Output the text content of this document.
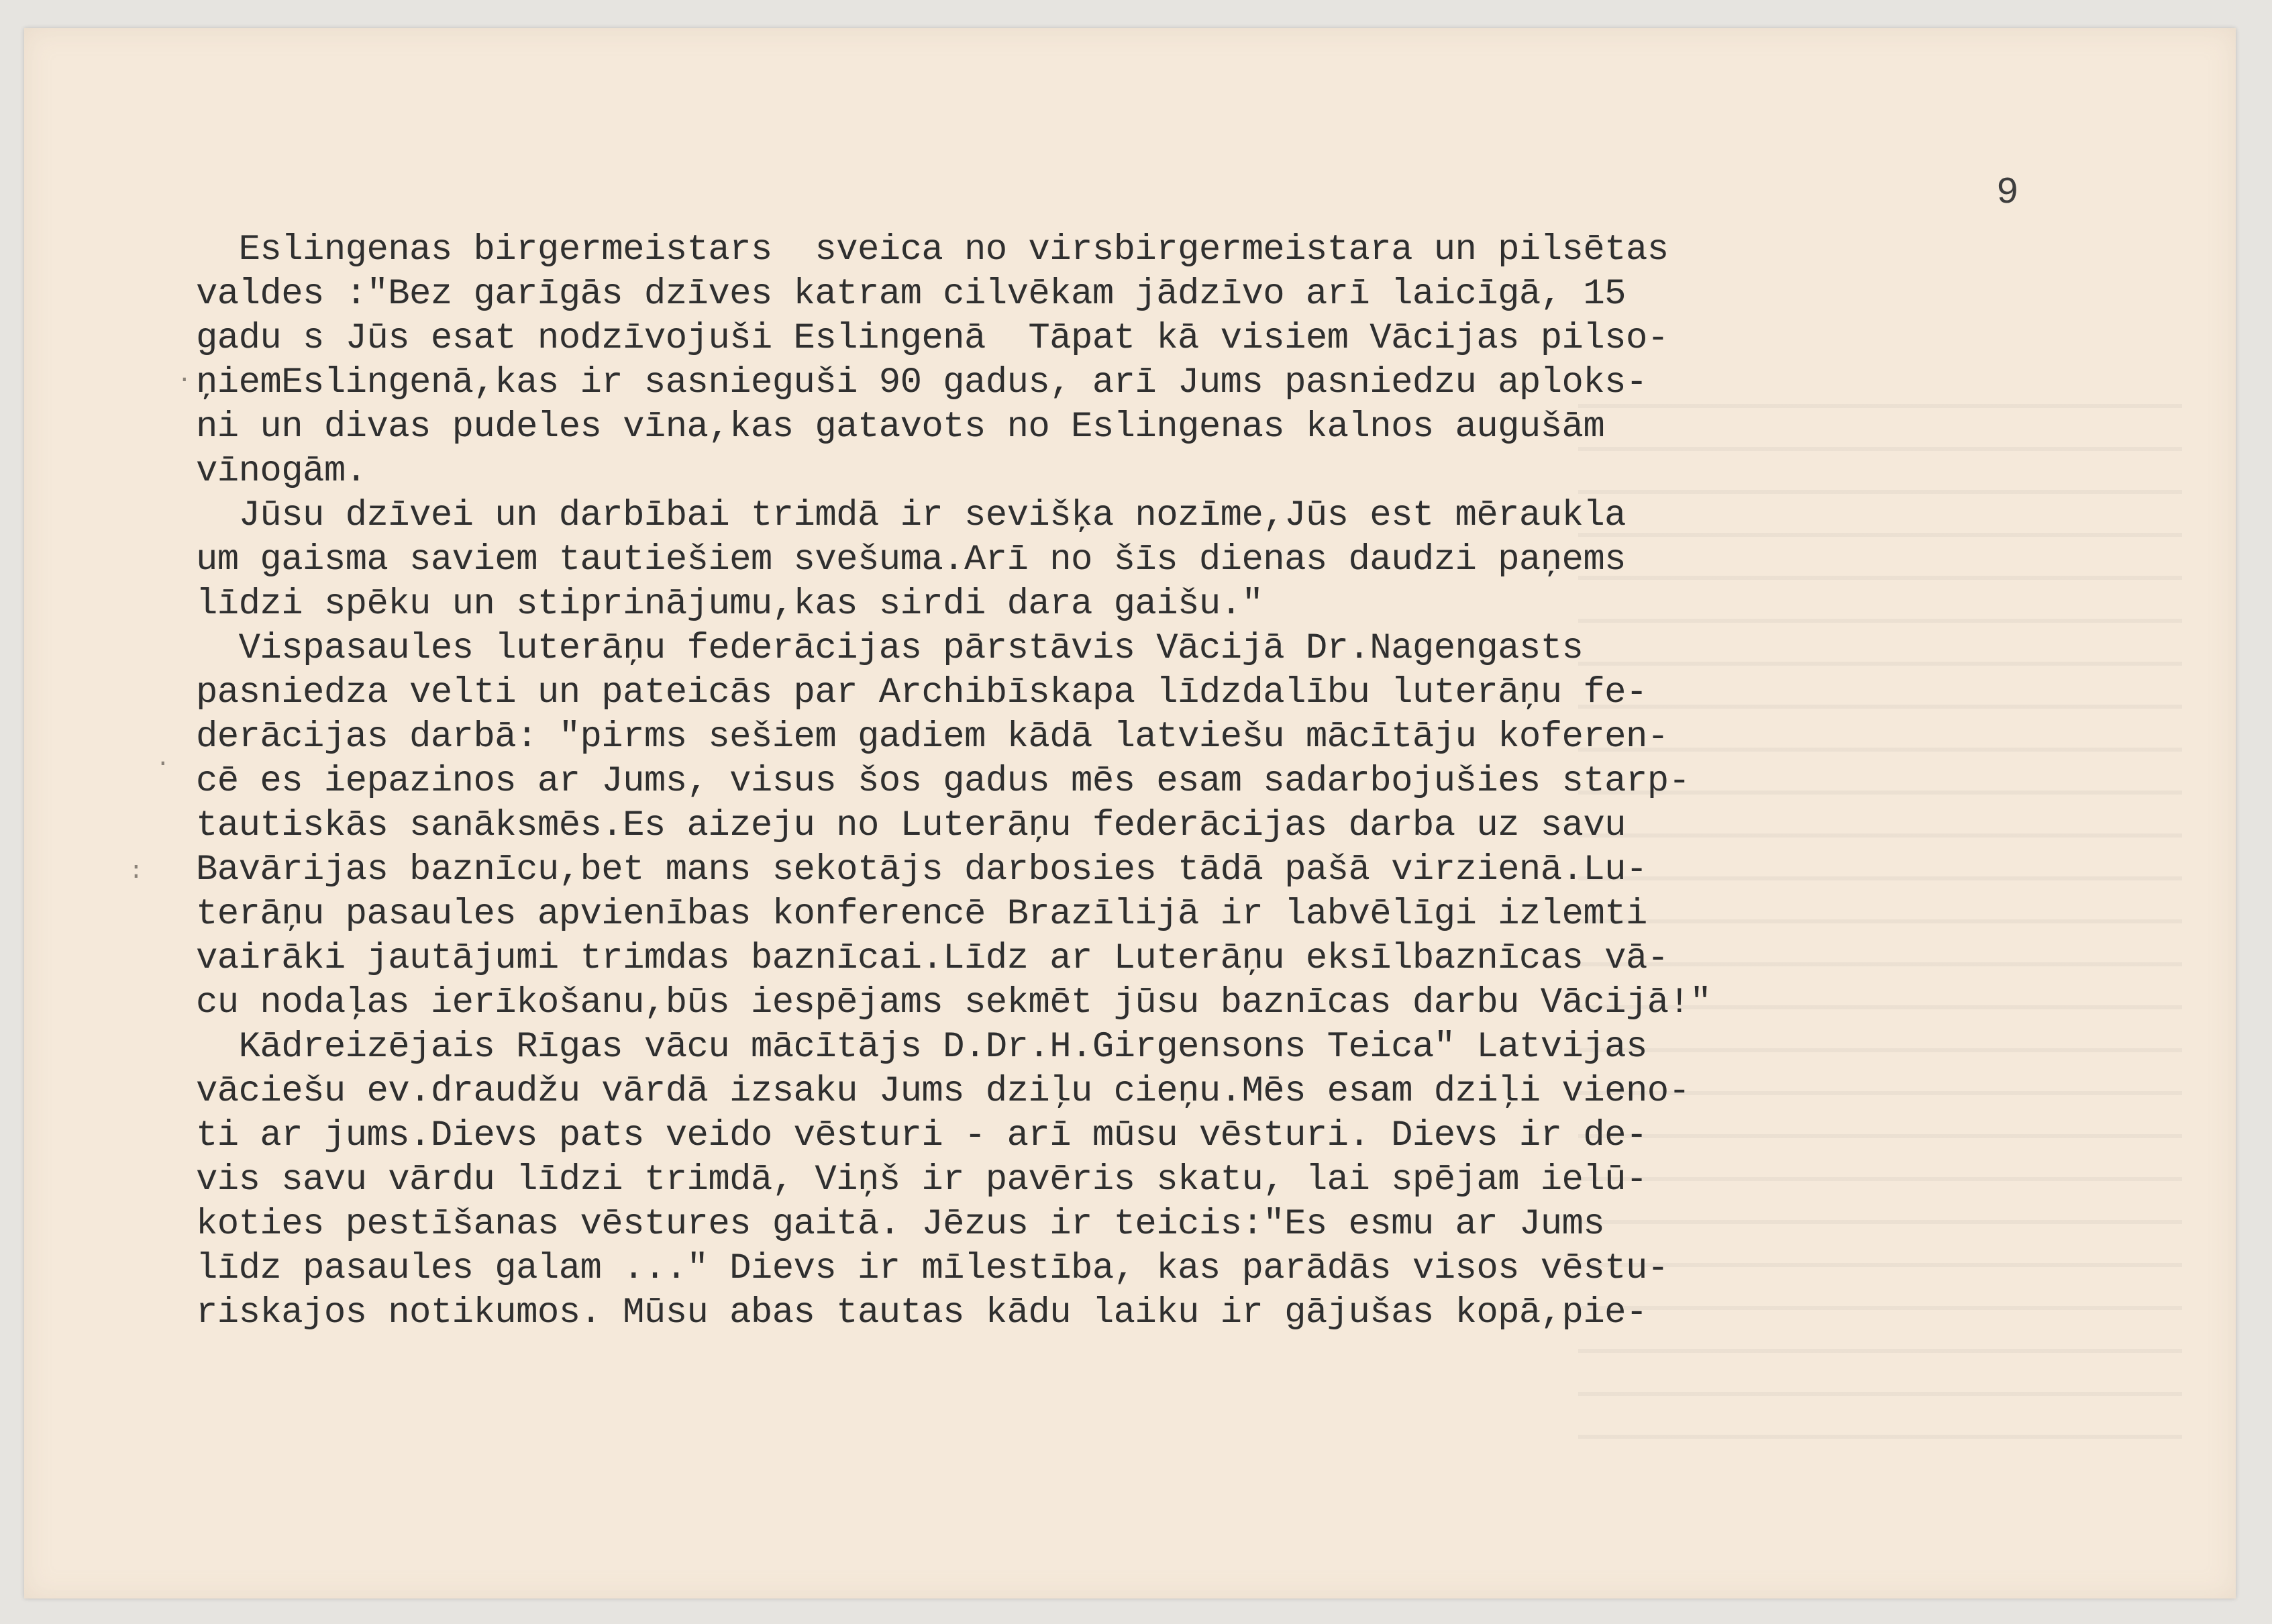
.
:
.
9
Eslingenas birgermeistars  sveica no virsbirgermeistara un pilsētas
valdes :"Bez garīgās dzīves katram cilvēkam jādzīvo arī laicīgā, 15
gadu s Jūs esat nodzīvojuši Eslingenā  Tāpat kā visiem Vācijas pilso-
ņiemEslingenā,kas ir sasnieguši 90 gadus, arī Jums pasniedzu aploks-
ni un divas pudeles vīna,kas gatavots no Eslingenas kalnos augušām
vīnogām.
Jūsu dzīvei un darbībai trimdā ir sevišķa nozīme,Jūs est mēraukla
um gaisma saviem tautiešiem svešuma.Arī no šīs dienas daudzi paņems
līdzi spēku un stiprinājumu,kas sirdi dara gaišu."
Vispasaules luterāņu federācijas pārstāvis Vācijā Dr.Nagengasts
pasniedza velti un pateicās par Archibīskapa līdzdalību luterāņu fe-
derācijas darbā: "pirms sešiem gadiem kādā latviešu mācītāju koferen-
cē es iepazinos ar Jums, visus šos gadus mēs esam sadarbojušies starp-
tautiskās sanāksmēs.Es aizeju no Luterāņu federācijas darba uz savu
Bavārijas baznīcu,bet mans sekotājs darbosies tādā pašā virzienā.Lu-
terāņu pasaules apvienības konferencē Brazīlijā ir labvēlīgi izlemti
vairāki jautājumi trimdas baznīcai.Līdz ar Luterāņu eksīlbaznīcas vā-
cu nodaļas ierīkošanu,būs iespējams sekmēt jūsu baznīcas darbu Vācijā!"
Kādreizējais Rīgas vācu mācītājs D.Dr.H.Girgensons Teica" Latvijas
vāciešu ev.draudžu vārdā izsaku Jums dziļu cieņu.Mēs esam dziļi vieno-
ti ar jums.Dievs pats veido vēsturi - arī mūsu vēsturi. Dievs ir de-
vis savu vārdu līdzi trimdā, Viņš ir pavēris skatu, lai spējam ielū-
koties pestīšanas vēstures gaitā. Jēzus ir teicis:"Es esmu ar Jums
līdz pasaules galam ..." Dievs ir mīlestība, kas parādās visos vēstu-
riskajos notikumos. Mūsu abas tautas kādu laiku ir gājušas kopā,pie-
